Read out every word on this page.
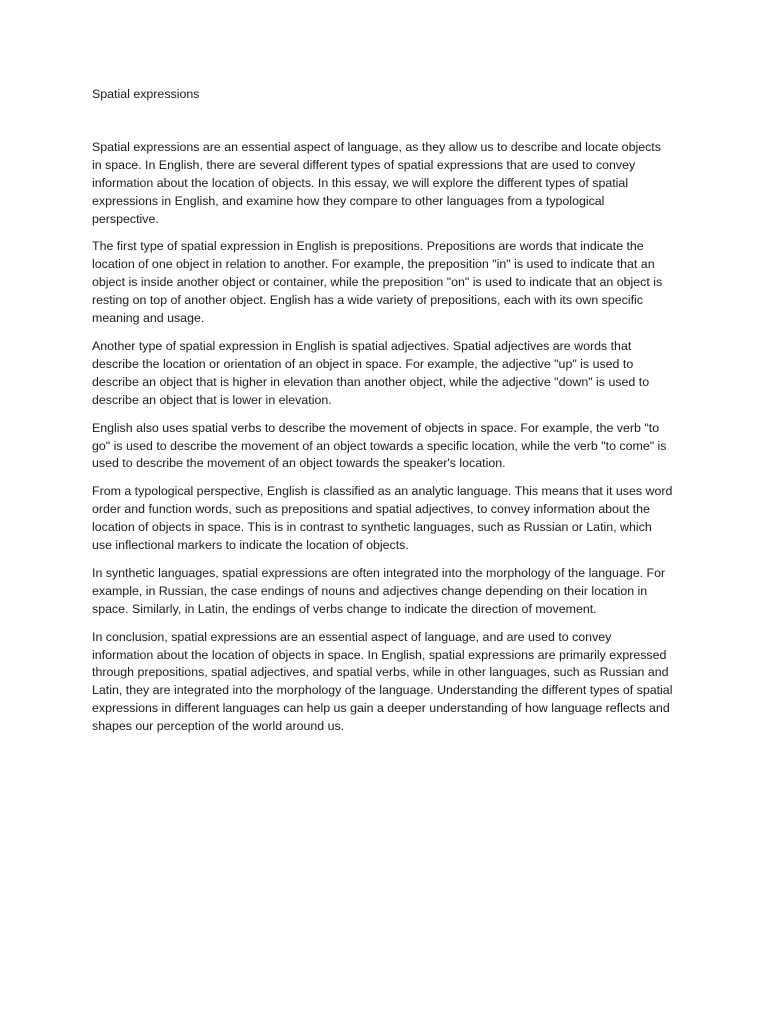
Spatial expressions

Spatial expressions are an essential aspect of language, as they allow us to describe and locate objects in space. In English, there are several different types of spatial expressions that are used to convey information about the location of objects. In this essay, we will explore the different types of spatial expressions in English, and examine how they compare to other languages from a typological perspective.

The first type of spatial expression in English is prepositions. Prepositions are words that indicate the location of one object in relation to another. For example, the preposition "in" is used to indicate that an object is inside another object or container, while the preposition "on" is used to indicate that an object is resting on top of another object. English has a wide variety of prepositions, each with its own specific meaning and usage.

Another type of spatial expression in English is spatial adjectives. Spatial adjectives are words that describe the location or orientation of an object in space. For example, the adjective "up" is used to describe an object that is higher in elevation than another object, while the adjective "down" is used to describe an object that is lower in elevation.

English also uses spatial verbs to describe the movement of objects in space. For example, the verb "to go" is used to describe the movement of an object towards a specific location, while the verb "to come" is used to describe the movement of an object towards the speaker's location.

From a typological perspective, English is classified as an analytic language. This means that it uses word order and function words, such as prepositions and spatial adjectives, to convey information about the location of objects in space. This is in contrast to synthetic languages, such as Russian or Latin, which use inflectional markers to indicate the location of objects.

In synthetic languages, spatial expressions are often integrated into the morphology of the language. For example, in Russian, the case endings of nouns and adjectives change depending on their location in space. Similarly, in Latin, the endings of verbs change to indicate the direction of movement.

In conclusion, spatial expressions are an essential aspect of language, and are used to convey information about the location of objects in space. In English, spatial expressions are primarily expressed through prepositions, spatial adjectives, and spatial verbs, while in other languages, such as Russian and Latin, they are integrated into the morphology of the language. Understanding the different types of spatial expressions in different languages can help us gain a deeper understanding of how language reflects and shapes our perception of the world around us.
